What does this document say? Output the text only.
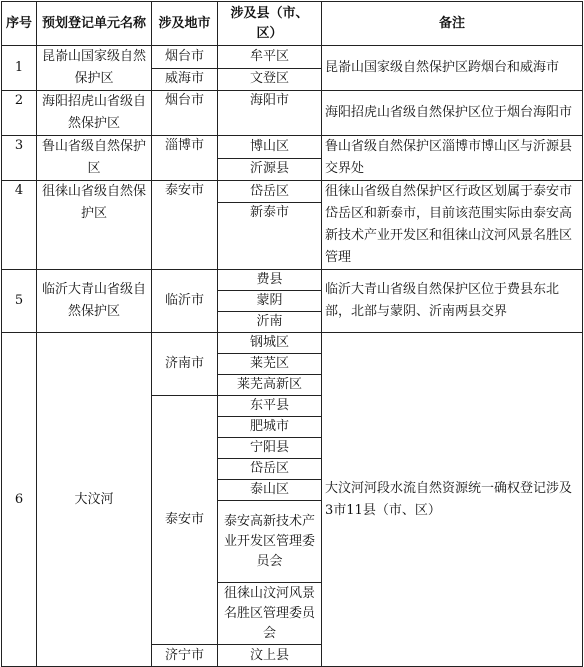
序号	预划登记单元名称	涉及地市	涉及县（市、区）	备注
1	昆嵛山国家级自然保护区	烟台市	牟平区	昆嵛山国家级自然保护区跨烟台和威海市
		威海市	文登区	
2	海阳招虎山省级自然保护区	烟台市	海阳市	海阳招虎山省级自然保护区位于烟台海阳市
3	鲁山省级自然保护区	淄博市	博山区	鲁山省级自然保护区淄博市博山区与沂源县交界处
			沂源县	
4	徂徕山省级自然保护区	泰安市	岱岳区	徂徕山省级自然保护区行政区划属于泰安市岱岳区和新泰市，目前该范围实际由泰安高新技术产业开发区和徂徕山汶河风景名胜区管理
			新泰市	
5	临沂大青山省级自然保护区	临沂市	费县	临沂大青山省级自然保护区位于费县东北部，北部与蒙阴、沂南两县交界
			蒙阴	
			沂南	
6	大汶河	济南市	钢城区	大汶河河段水流自然资源统一确权登记涉及3市11县（市、区）
			莱芜区	
			莱芜高新区	
		泰安市	东平县	
			肥城市	
			宁阳县	
			岱岳区	
			泰山区	
			泰安高新技术产业开发区管理委员会	
			徂徕山汶河风景名胜区管理委员会	
		济宁市	汶上县	
